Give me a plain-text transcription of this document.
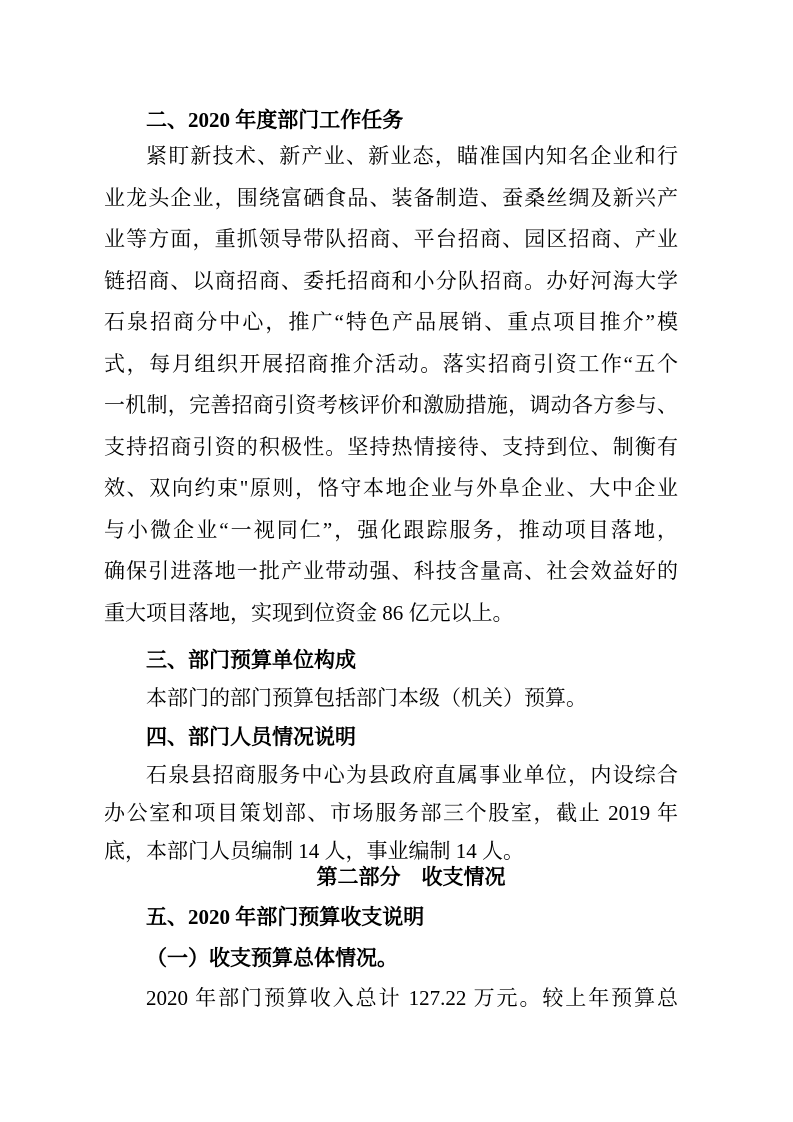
二、2020 年度部门工作任务
紧盯新技术、新产业、新业态，瞄准国内知名企业和行
业龙头企业，围绕富硒食品、装备制造、蚕桑丝绸及新兴产
业等方面，重抓领导带队招商、平台招商、园区招商、产业
链招商、以商招商、委托招商和小分队招商。办好河海大学
石泉招商分中心，推广“特色产品展销、重点项目推介”模
式，每月组织开展招商推介活动。落实招商引资工作“五个
一机制，完善招商引资考核评价和激励措施，调动各方参与、
支持招商引资的积极性。坚持热情接待、支持到位、制衡有
效、双向约束"原则，恪守本地企业与外阜企业、大中企业
与小微企业“一视同仁”，强化跟踪服务，推动项目落地，
确保引进落地一批产业带动强、科技含量高、社会效益好的
重大项目落地，实现到位资金 86 亿元以上。
三、部门预算单位构成
本部门的部门预算包括部门本级（机关）预算。
四、部门人员情况说明
石泉县招商服务中心为县政府直属事业单位，内设综合
办公室和项目策划部、市场服务部三个股室，截止 2019 年
底，本部门人员编制 14 人，事业编制 14 人。
第二部分　收支情况
五、2020 年部门预算收支说明
（一）收支预算总体情况。
2020 年部门预算收入总计 127.22 万元。较上年预算总
